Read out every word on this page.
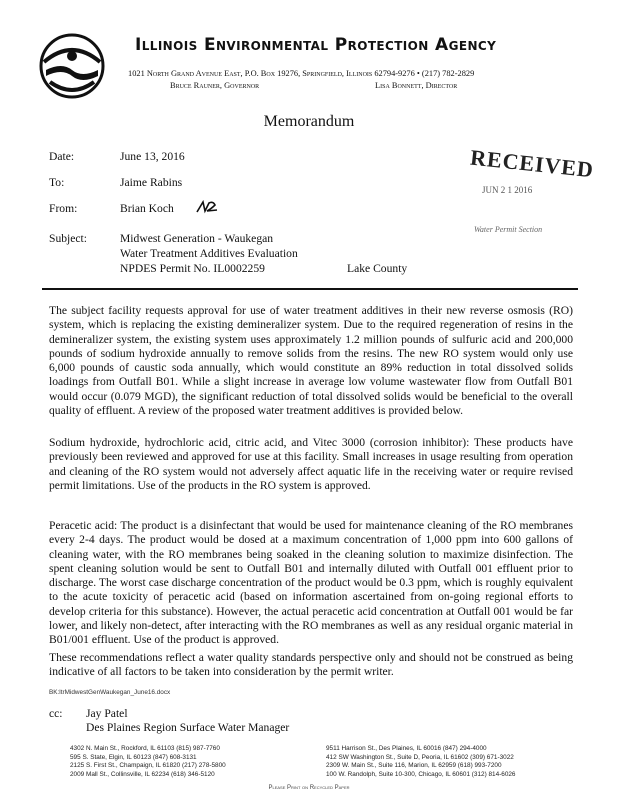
Illinois Environmental Protection Agency
1021 North Grand Avenue East, P.O. Box 19276, Springfield, Illinois 62794-9276 • (217) 782-2829
Bruce Rauner, Governor	Lisa Bonnett, Director
Memorandum
RECEIVED
JUN 2 1 2016
Water Permit Section
Date:	June 13, 2016
To:	Jaime Rabins
From:	Brian Koch
Subject:	Midwest Generation - Waukegan
Water Treatment Additives Evaluation
NPDES Permit No. IL0002259	Lake County
The subject facility requests approval for use of water treatment additives in their new reverse osmosis (RO) system, which is replacing the existing demineralizer system. Due to the required regeneration of resins in the demineralizer system, the existing system uses approximately 1.2 million pounds of sulfuric acid and 200,000 pounds of sodium hydroxide annually to remove solids from the resins. The new RO system would only use 6,000 pounds of caustic soda annually, which would constitute an 89% reduction in total dissolved solids loadings from Outfall B01. While a slight increase in average low volume wastewater flow from Outfall B01 would occur (0.079 MGD), the significant reduction of total dissolved solids would be beneficial to the overall quality of effluent. A review of the proposed water treatment additives is provided below.
Sodium hydroxide, hydrochloric acid, citric acid, and Vitec 3000 (corrosion inhibitor): These products have previously been reviewed and approved for use at this facility. Small increases in usage resulting from operation and cleaning of the RO system would not adversely affect aquatic life in the receiving water or require revised permit limitations. Use of the products in the RO system is approved.
Peracetic acid: The product is a disinfectant that would be used for maintenance cleaning of the RO membranes every 2-4 days. The product would be dosed at a maximum concentration of 1,000 ppm into 600 gallons of cleaning water, with the RO membranes being soaked in the cleaning solution to maximize disinfection. The spent cleaning solution would be sent to Outfall B01 and internally diluted with Outfall 001 effluent prior to discharge. The worst case discharge concentration of the product would be 0.3 ppm, which is roughly equivalent to the acute toxicity of peracetic acid (based on information ascertained from on-going regional efforts to develop criteria for this substance). However, the actual peracetic acid concentration at Outfall 001 would be far lower, and likely non-detect, after interacting with the RO membranes as well as any residual organic material in B01/001 effluent. Use of the product is approved.
These recommendations reflect a water quality standards perspective only and should not be construed as being indicative of all factors to be taken into consideration by the permit writer.
BK:ltrMidwestGenWaukegan_June16.docx
cc: Jay Patel
Des Plaines Region Surface Water Manager
4302 N. Main St., Rockford, IL 61103 (815) 987-7760
595 S. State, Elgin, IL 60123 (847) 608-3131
2125 S. First St., Champaign, IL 61820 (217) 278-5800
2009 Mall St., Collinsville, IL 62234 (618) 346-5120
9511 Harrison St., Des Plaines, IL 60016 (847) 294-4000
412 SW Washington St., Suite D, Peoria, IL 61602 (309) 671-3022
2309 W. Main St., Suite 116, Marion, IL 62959 (618) 993-7200
100 W. Randolph, Suite 10-300, Chicago, IL 60601 (312) 814-6026
Please Print on Recycled Paper
